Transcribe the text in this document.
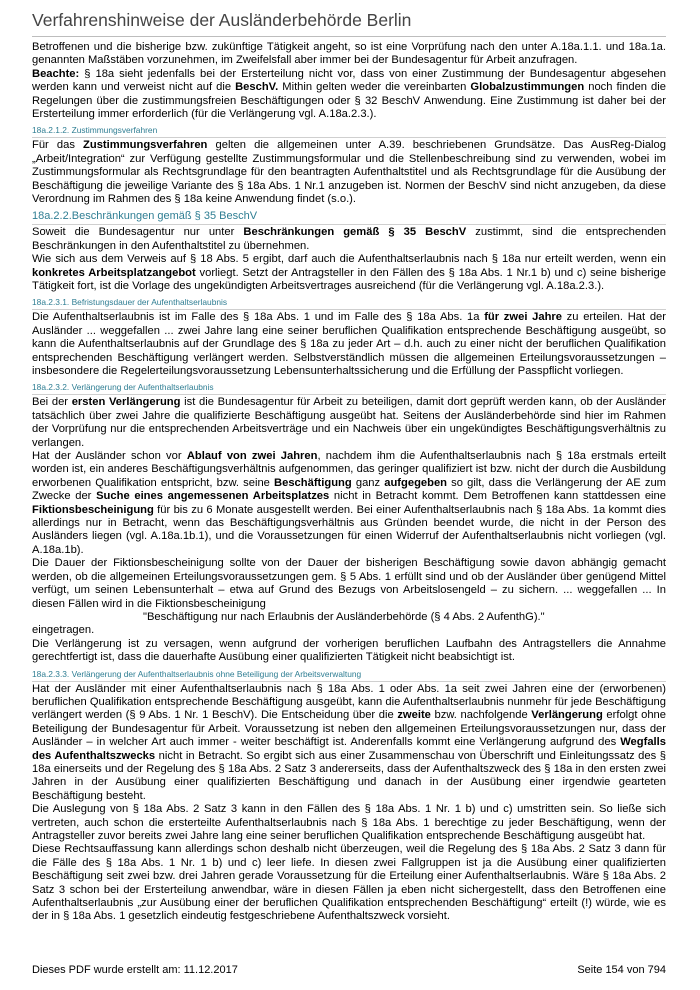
Verfahrenshinweise der Ausländerbehörde Berlin

Betroffenen und die bisherige bzw. zukünftige Tätigkeit angeht, so ist eine Vorprüfung nach den unter A.18a.1.1. und 18a.1a. genannten Maßstäben vorzunehmen, im Zweifelsfall aber immer bei der Bundesagentur für Arbeit anzufragen.

Beachte: § 18a sieht jedenfalls bei der Ersterteilung nicht vor, dass von einer Zustimmung der Bundesagentur abgesehen werden kann und verweist nicht auf die BeschV. Mithin gelten weder die vereinbarten Globalzustimmungen noch finden die Regelungen über die zustimmungsfreien Beschäftigungen oder § 32 BeschV Anwendung. Eine Zustimmung ist daher bei der Ersterteilung immer erforderlich (für die Verlängerung vgl. A.18a.2.3.).

18a.2.1.2. Zustimmungsverfahren

Für das Zustimmungsverfahren gelten die allgemeinen unter A.39. beschriebenen Grundsätze. Das AusReg-Dialog „Arbeit/Integration“ zur Verfügung gestellte Zustimmungsformular und die Stellenbeschreibung sind zu verwenden, wobei im Zustimmungsformular als Rechtsgrundlage für den beantragten Aufenthaltstitel und als Rechtsgrundlage für die Ausübung der Beschäftigung die jeweilige Variante des § 18a Abs. 1 Nr.1 anzugeben ist. Normen der BeschV sind nicht anzugeben, da diese Verordnung im Rahmen des § 18a keine Anwendung findet (s.o.).

18a.2.2.Beschränkungen gemäß § 35 BeschV

Soweit die Bundesagentur nur unter Beschränkungen gemäß § 35 BeschV zustimmt, sind die entsprechenden Beschränkungen in den Aufenthaltstitel zu übernehmen.

Wie sich aus dem Verweis auf § 18 Abs. 5 ergibt, darf auch die Aufenthaltserlaubnis nach § 18a nur erteilt werden, wenn ein konkretes Arbeitsplatzangebot vorliegt. Setzt der Antragsteller in den Fällen des § 18a Abs. 1 Nr.1 b) und c) seine bisherige Tätigkeit fort, ist die Vorlage des ungekündigten Arbeitsvertrages ausreichend (für die Verlängerung vgl. A.18a.2.3.).

18a.2.3.1. Befristungsdauer der Aufenthaltserlaubnis

Die Aufenthaltserlaubnis ist im Falle des § 18a Abs. 1 und im Falle des § 18a Abs. 1a für zwei Jahre zu erteilen. Hat der Ausländer ... weggefallen ... zwei Jahre lang eine seiner beruflichen Qualifikation entsprechende Beschäftigung ausgeübt, so kann die Aufenthaltserlaubnis auf der Grundlage des § 18a zu jeder Art – d.h. auch zu einer nicht der beruflichen Qualifikation entsprechenden Beschäftigung verlängert werden. Selbstverständlich müssen die allgemeinen Erteilungsvoraussetzungen – insbesondere die Regelerteilungsvoraussetzung Lebensunterhaltssicherung und die Erfüllung der Passpflicht vorliegen.

18a.2.3.2. Verlängerung der Aufenthaltserlaubnis

Bei der ersten Verlängerung ist die Bundesagentur für Arbeit zu beteiligen, damit dort geprüft werden kann, ob der Ausländer tatsächlich über zwei Jahre die qualifizierte Beschäftigung ausgeübt hat. Seitens der Ausländerbehörde sind hier im Rahmen der Vorprüfung nur die entsprechenden Arbeitsverträge und ein Nachweis über ein ungekündigtes Beschäftigungsverhältnis zu verlangen.

Hat der Ausländer schon vor Ablauf von zwei Jahren, nachdem ihm die Aufenthaltserlaubnis nach § 18a erstmals erteilt worden ist, ein anderes Beschäftigungsverhältnis aufgenommen, das geringer qualifiziert ist bzw. nicht der durch die Ausbildung erworbenen Qualifikation entspricht, bzw. seine Beschäftigung ganz aufgegeben so gilt, dass die Verlängerung der AE zum Zwecke der Suche eines angemessenen Arbeitsplatzes nicht in Betracht kommt. Dem Betroffenen kann stattdessen eine Fiktionsbescheinigung für bis zu 6 Monate ausgestellt werden. Bei einer Aufenthaltserlaubnis nach § 18a Abs. 1a kommt dies allerdings nur in Betracht, wenn das Beschäftigungsverhältnis aus Gründen beendet wurde, die nicht in der Person des Ausländers liegen (vgl. A.18a.1b.1), und die Voraussetzungen für einen Widerruf der Aufenthaltserlaubnis nicht vorliegen (vgl. A.18a.1b).

Die Dauer der Fiktionsbescheinigung sollte von der Dauer der bisherigen Beschäftigung sowie davon abhängig gemacht werden, ob die allgemeinen Erteilungsvoraussetzungen gem. § 5 Abs. 1 erfüllt sind und ob der Ausländer über genügend Mittel verfügt, um seinen Lebensunterhalt – etwa auf Grund des Bezugs von Arbeitslosengeld – zu sichern. ... weggefallen ... In diesen Fällen wird in die Fiktionsbescheinigung

"Beschäftigung nur nach Erlaubnis der Ausländerbehörde (§ 4 Abs. 2 AufenthG)."

eingetragen.

Die Verlängerung ist zu versagen, wenn aufgrund der vorherigen beruflichen Laufbahn des Antragstellers die Annahme gerechtfertigt ist, dass die dauerhafte Ausübung einer qualifizierten Tätigkeit nicht beabsichtigt ist.

18a.2.3.3. Verlängerung der Aufenthaltserlaubnis ohne Beteiligung der Arbeitsverwaltung

Hat der Ausländer mit einer Aufenthaltserlaubnis nach § 18a Abs. 1 oder Abs. 1a seit zwei Jahren eine der (erworbenen) beruflichen Qualifikation entsprechende Beschäftigung ausgeübt, kann die Aufenthaltserlaubnis nunmehr für jede Beschäftigung verlängert werden (§ 9 Abs. 1 Nr. 1 BeschV). Die Entscheidung über die zweite bzw. nachfolgende Verlängerung erfolgt ohne Beteiligung der Bundesagentur für Arbeit. Voraussetzung ist neben den allgemeinen Erteilungsvoraussetzungen nur, dass der Ausländer – in welcher Art auch immer - weiter beschäftigt ist. Anderenfalls kommt eine Verlängerung aufgrund des Wegfalls des Aufenthaltszwecks nicht in Betracht. So ergibt sich aus einer Zusammenschau von Überschrift und Einleitungssatz des § 18a einerseits und der Regelung des § 18a Abs. 2 Satz 3 andererseits, dass der Aufenthaltszweck des § 18a in den ersten zwei Jahren in der Ausübung einer qualifizierten Beschäftigung und danach in der Ausübung einer irgendwie gearteten Beschäftigung besteht.

Die Auslegung von § 18a Abs. 2 Satz 3 kann in den Fällen des § 18a Abs. 1 Nr. 1 b) und c) umstritten sein. So ließe sich vertreten, auch schon die ersterteilte Aufenthaltserlaubnis nach § 18a Abs. 1 berechtige zu jeder Beschäftigung, wenn der Antragsteller zuvor bereits zwei Jahre lang eine seiner beruflichen Qualifikation entsprechende Beschäftigung ausgeübt hat.

Diese Rechtsauffassung kann allerdings schon deshalb nicht überzeugen, weil die Regelung des § 18a Abs. 2 Satz 3 dann für die Fälle des § 18a Abs. 1 Nr. 1 b) und c) leer liefe. In diesen zwei Fallgruppen ist ja die Ausübung einer qualifizierten Beschäftigung seit zwei bzw. drei Jahren gerade Voraussetzung für die Erteilung einer Aufenthaltserlaubnis. Wäre § 18a Abs. 2 Satz 3 schon bei der Ersterteilung anwendbar, wäre in diesen Fällen ja eben nicht sichergestellt, dass den Betroffenen eine Aufenthaltserlaubnis „zur Ausübung einer der beruflichen Qualifikation entsprechenden Beschäftigung“ erteilt (!) würde, wie es der in § 18a Abs. 1 gesetzlich eindeutig festgeschriebene Aufenthaltszweck vorsieht.

Dieses PDF wurde erstellt am: 11.12.2017	Seite 154 von 794
